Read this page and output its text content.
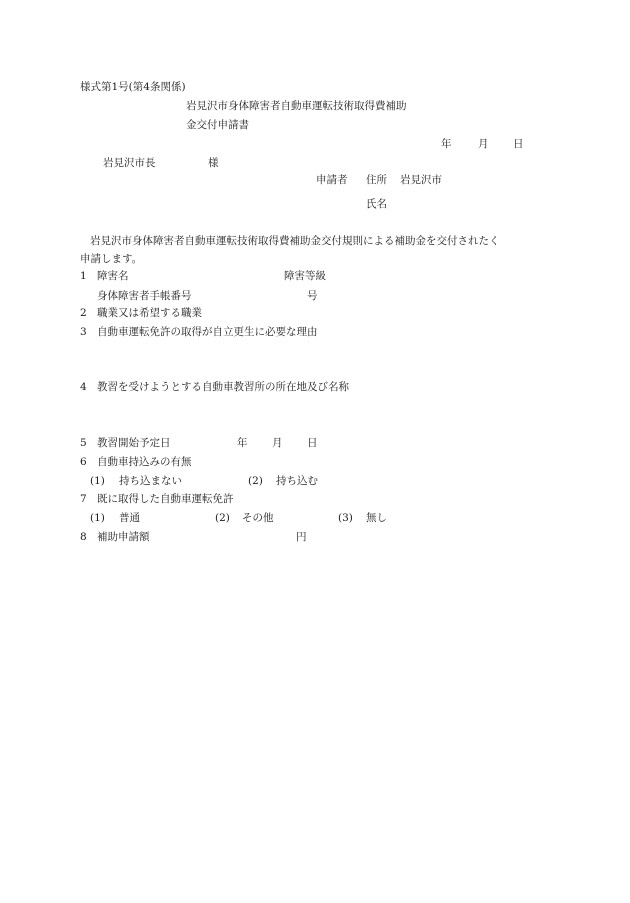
様式第1号(第4条関係)
岩見沢市身体障害者自動車運転技術取得費補助
金交付申請書
年	月 日
岩見沢市長	様
申請者 住所 岩見沢市
氏名
岩見沢市身体障害者自動車運転技術取得費補助金交付規則による補助金を交付されたく
申請します。
1 障害名	障害等級
身体障害者手帳番号	号
2 職業又は希望する職業
3 自動車運転免許の取得が自立更生に必要な理由
4 教習を受けようとする自動車教習所の所在地及び名称
5 教習開始予定日	年 月 日
6 自動車持込みの有無
(1) 持ち込まない	(2) 持ち込む
7 既に取得した自動車運転免許
(1) 普通	(2) その他	(3) 無し
8 補助申請額	円
